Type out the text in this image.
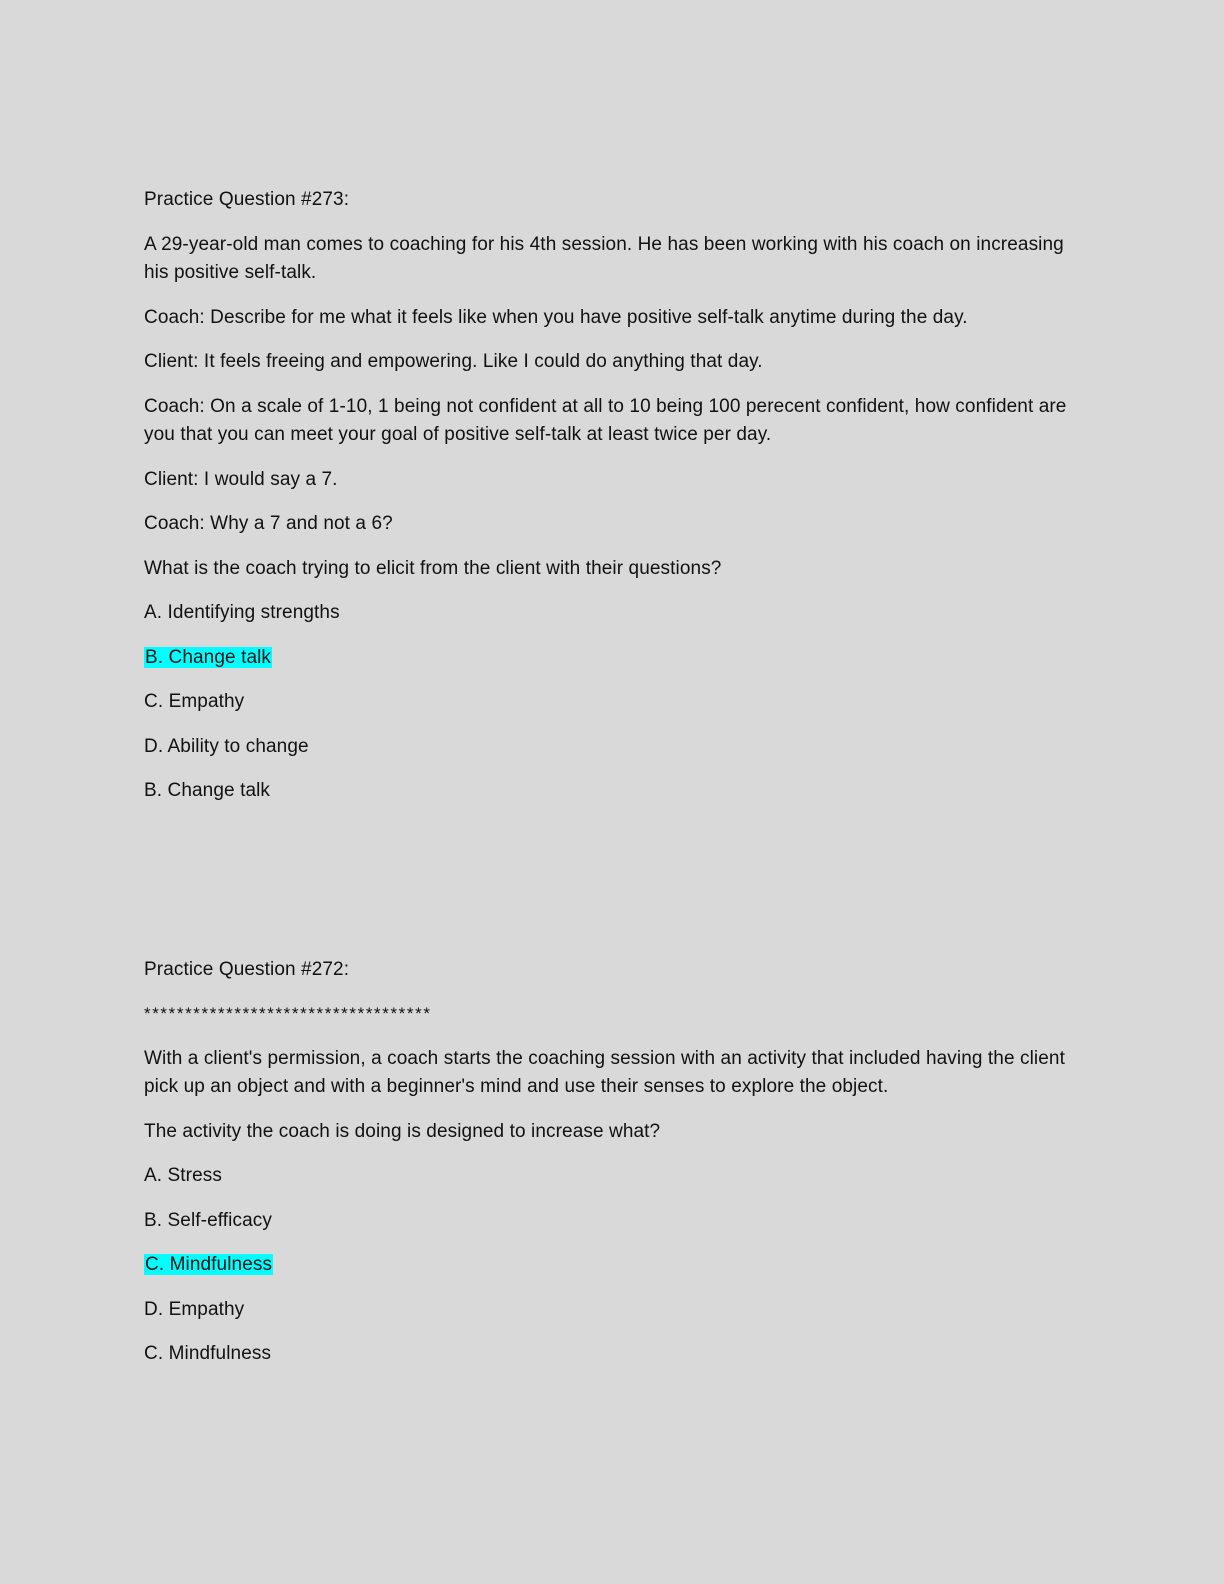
Practice Question #273:
A 29-year-old man comes to coaching for his 4th session. He has been working with his coach on increasing his positive self-talk.
Coach: Describe for me what it feels like when you have positive self-talk anytime during the day.
Client: It feels freeing and empowering. Like I could do anything that day.
Coach: On a scale of 1-10, 1 being not confident at all to 10 being 100 perecent confident, how confident are you that you can meet your goal of positive self-talk at least twice per day.
Client: I would say a 7.
Coach: Why a 7 and not a 6?
What is the coach trying to elicit from the client with their questions?
A. Identifying strengths
B. Change talk
C. Empathy
D. Ability to change
B. Change talk
Practice Question #272:
***********************************
With a client's permission, a coach starts the coaching session with an activity that included having the client pick up an object and with a beginner's mind and use their senses to explore the object.
The activity the coach is doing is designed to increase what?
A. Stress
B. Self-efficacy
C. Mindfulness
D. Empathy
C. Mindfulness
